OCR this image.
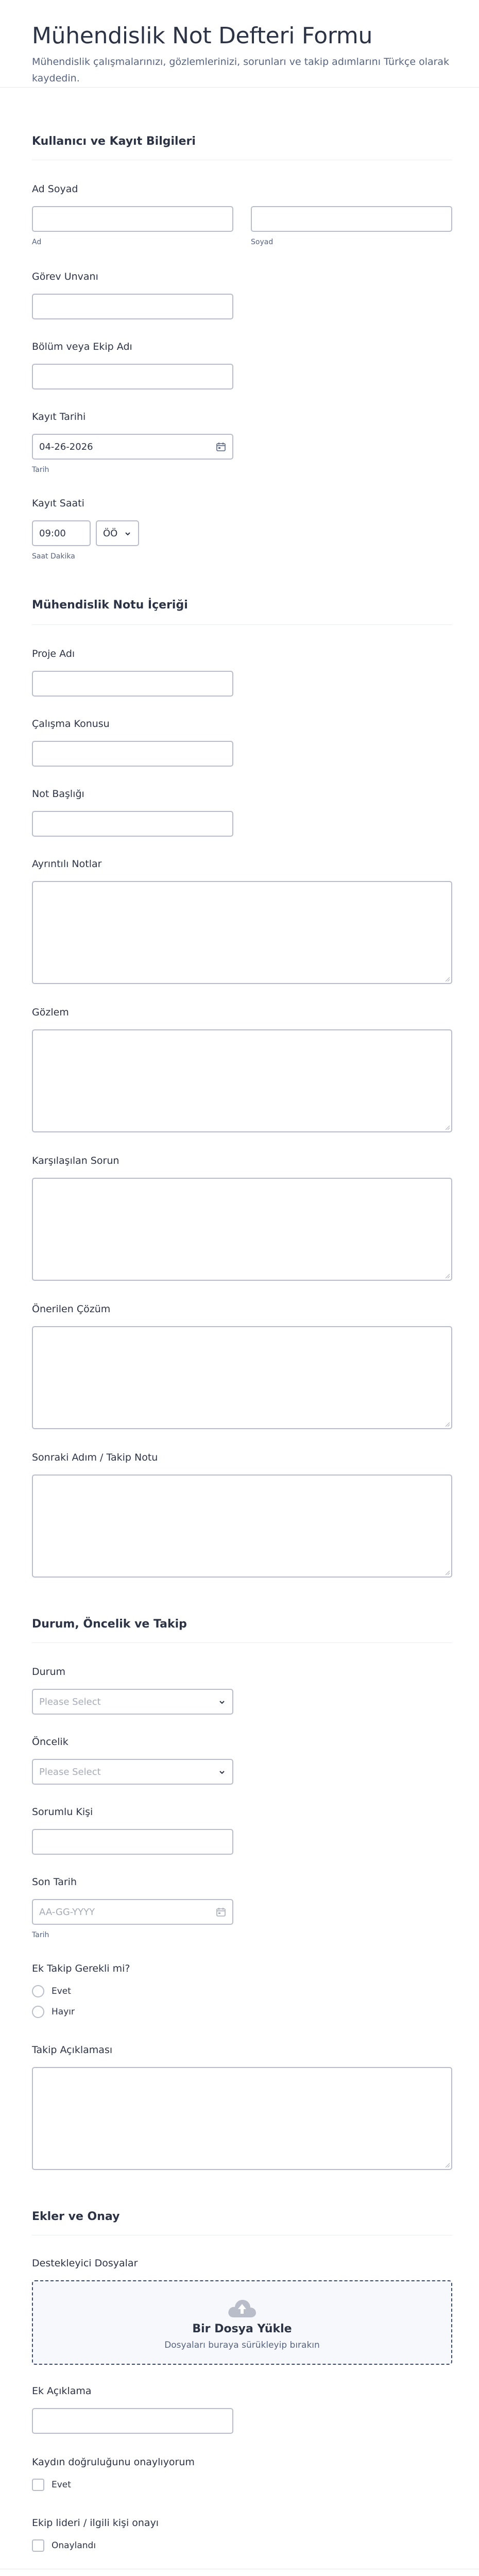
Mühendislik Not Defteri Formu
Mühendislik çalışmalarınızı, gözlemlerinizi, sorunları ve takip adımlarını Türkçe olarak kaydedin.
Kullanıcı ve Kayıt Bilgileri
Ad Soyad
Ad	Soyad
Görev Unvanı
Bölüm veya Ekip Adı
Kayıt Tarihi
04-26-2026
Tarih
Kayıt Saati
09:00	ÖÖ
Saat Dakika
Mühendislik Notu İçeriği
Proje Adı
Çalışma Konusu
Not Başlığı
Ayrıntılı Notlar
Gözlem
Karşılaşılan Sorun
Önerilen Çözüm
Sonraki Adım / Takip Notu
Durum, Öncelik ve Takip
Durum
Please Select
Öncelik
Please Select
Sorumlu Kişi
Son Tarih
AA-GG-YYYY
Tarih
Ek Takip Gerekli mi?
Evet
Hayır
Takip Açıklaması
Ekler ve Onay
Destekleyici Dosyalar
Bir Dosya Yükle
Dosyaları buraya sürükleyip bırakın
Ek Açıklama
Kaydın doğruluğunu onaylıyorum
Evet
Ekip lideri / ilgili kişi onayı
Onaylandı
